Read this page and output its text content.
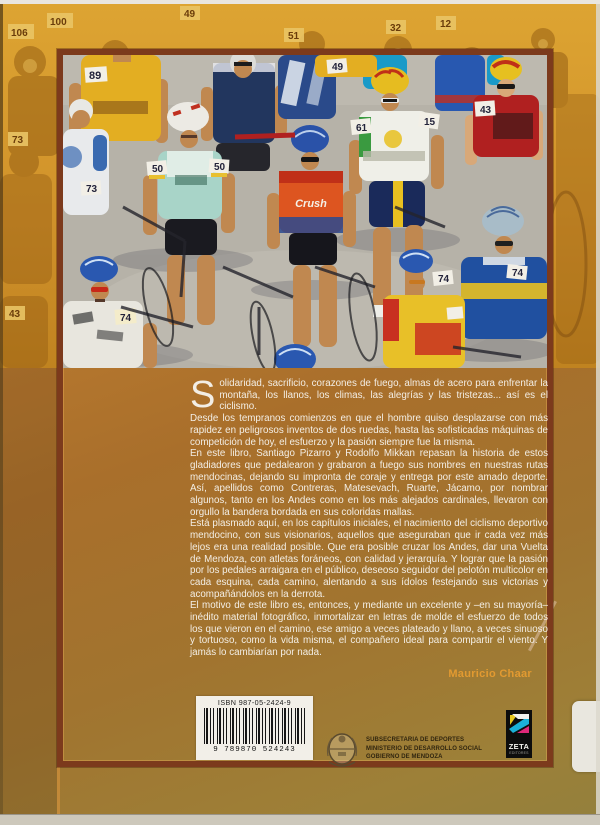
106
100
49
73
51
32	12
43
89
49
73
50	50
Crush
61
15
43
74
74
74

Solidaridad, sacrificio, corazones de fuego, almas de acero para enfrentar la montaña, los llanos, los climas, las alegrías y las tristezas... así es el ciclismo.

Desde los tempranos comienzos en que el hombre quiso desplazarse con más rapidez en peligrosos inventos de dos ruedas, hasta las sofisticadas máquinas de competición de hoy, el esfuerzo y la pasión siempre fue la misma.

En este libro, Santiago Pizarro y Rodolfo Mikkan repasan la historia de estos gladiadores que pedalearon y grabaron a fuego sus nombres en nuestras rutas mendocinas, dejando su impronta de coraje y entrega por este amado deporte. Así, apellidos como Contreras, Matesevach, Ruarte, Jácamo, por nombrar algunos, tanto en los Andes como en los más alejados cardinales, llevaron con orgullo la bandera bordada en sus coloridas mallas.

Está plasmado aquí, en los capítulos iniciales, el nacimiento del ciclismo deportivo mendocino, con sus visionarios, aquellos que aseguraban que ir cada vez más lejos era una realidad posible. Que era posible cruzar los Andes, dar una Vuelta de Mendoza, con atletas foráneos, con calidad y jerarquía. Y lograr que la pasión por los pedales arraigara en el público, deseoso seguidor del pelotón multicolor en cada esquina, cada camino, alentando a sus ídolos festejando sus victorias y acompañándolos en la derrota.

El motivo de este libro es, entonces, y mediante un excelente y –en su mayoría– inédito material fotográfico, inmortalizar en letras de molde el esfuerzo de todos los que vieron en el camino, ese amigo a veces plateado y llano, a veces sinuoso y tortuoso, como la vida misma, el compañero ideal para compartir el viento. Y jamás lo cambiarían por nada.

Mauricio Chaar
ISBN 987-05-2424-9
9 789870 524243
SUBSECRETARIA DE DEPORTES
MINISTERIO DE DESARROLLO SOCIAL
GOBIERNO DE MENDOZA
ZETA
EDITORES
